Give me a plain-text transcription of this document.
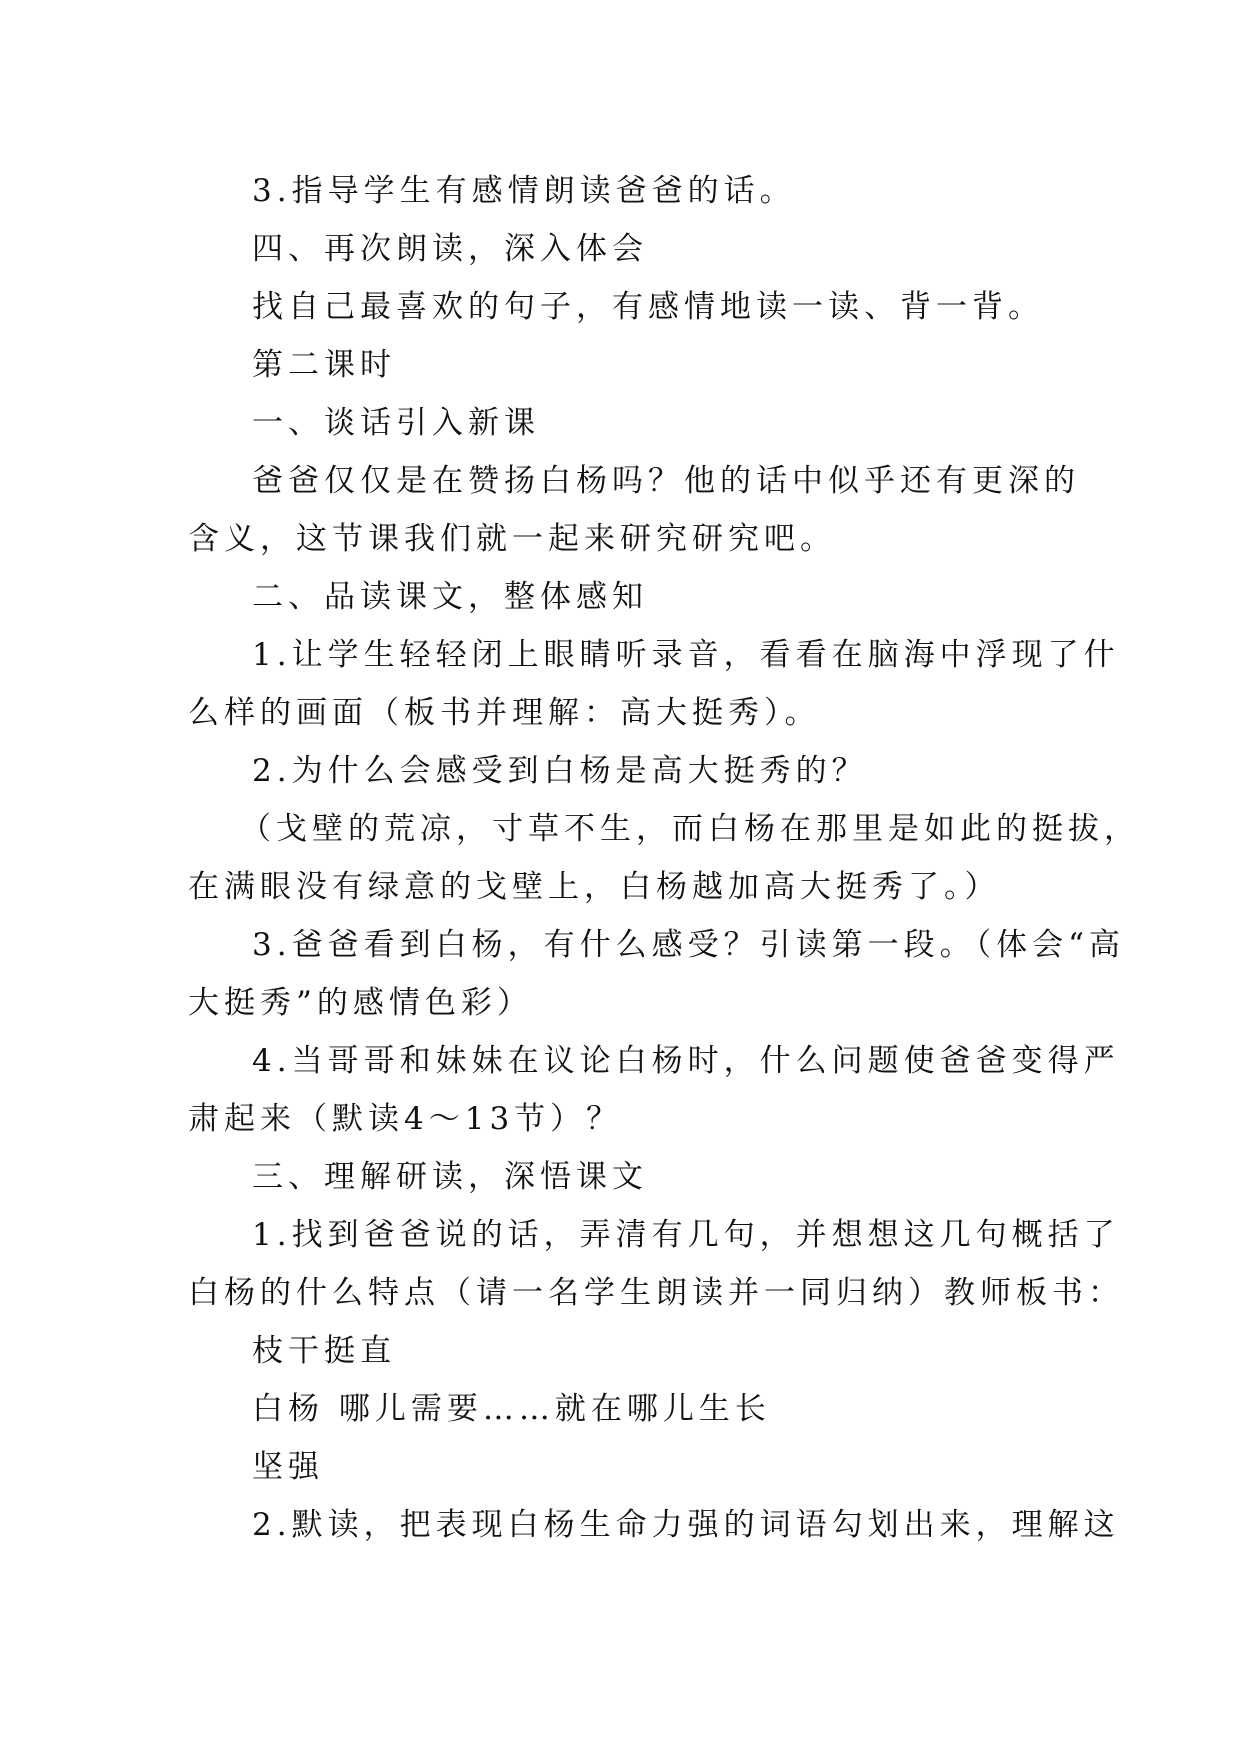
3.指导学生有感情朗读爸爸的话。

四、再次朗读，深入体会

找自己最喜欢的句子，有感情地读一读、背一背。

第二课时

一、谈话引入新课

爸爸仅仅是在赞扬白杨吗？他的话中似乎还有更深的

含义，这节课我们就一起来研究研究吧。

二、品读课文，整体感知

1.让学生轻轻闭上眼睛听录音，看看在脑海中浮现了什

么样的画面（板书并理解：高大挺秀）。

2.为什么会感受到白杨是高大挺秀的？

（戈壁的荒凉，寸草不生，而白杨在那里是如此的挺拔，

在满眼没有绿意的戈壁上，白杨越加高大挺秀了。）

3.爸爸看到白杨，有什么感受？引读第一段。（体会“高

大挺秀”的感情色彩）

4.当哥哥和妹妹在议论白杨时，什么问题使爸爸变得严

肃起来（默读4～13节）？

三、理解研读，深悟课文

1.找到爸爸说的话，弄清有几句，并想想这几句概括了

白杨的什么特点（请一名学生朗读并一同归纳）教师板书：

枝干挺直

白杨 哪儿需要……就在哪儿生长

坚强

2.默读，把表现白杨生命力强的词语勾划出来，理解这
